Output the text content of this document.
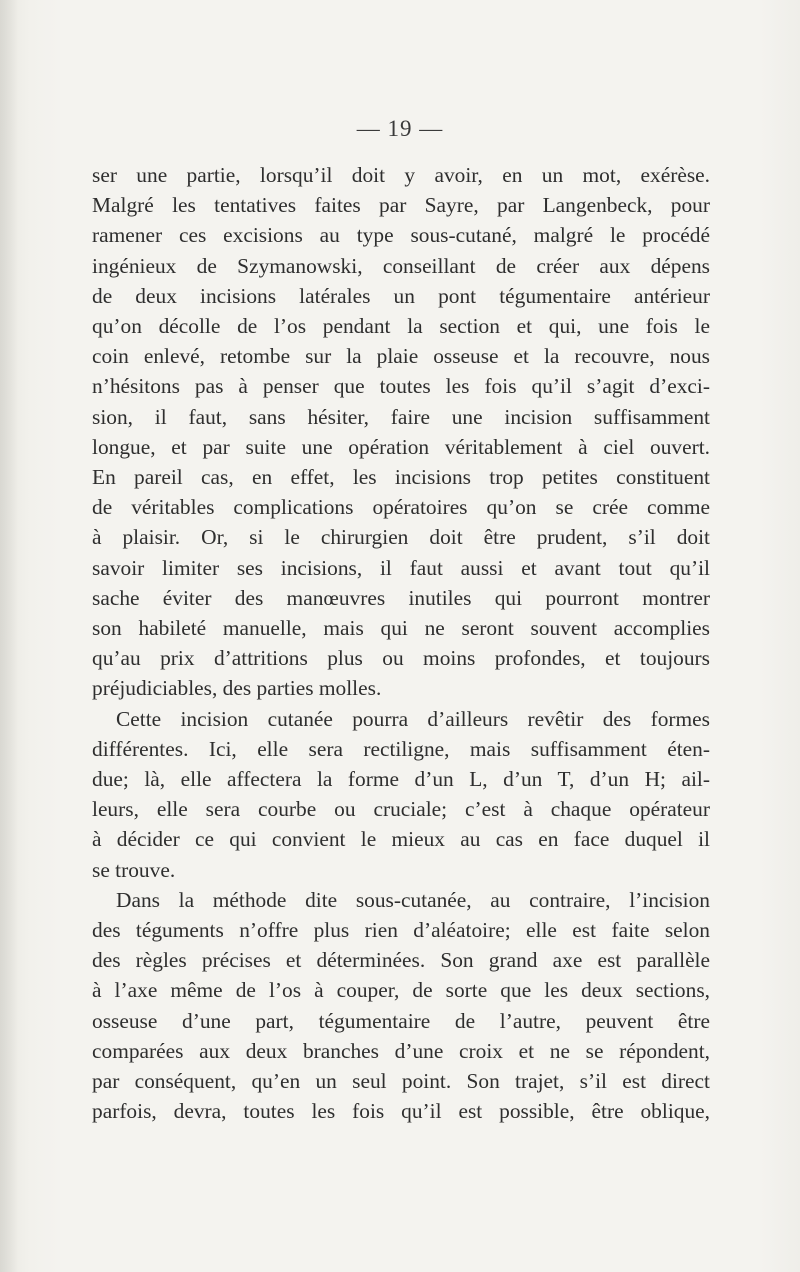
— 19 —

ser une partie, lorsqu’il doit y avoir, en un mot, exérèse.
Malgré les tentatives faites par Sayre, par Langenbeck, pour
ramener ces excisions au type sous-cutané, malgré le procédé
ingénieux de Szymanowski, conseillant de créer aux dépens
de deux incisions latérales un pont tégumentaire antérieur
qu’on décolle de l’os pendant la section et qui, une fois le
coin enlevé, retombe sur la plaie osseuse et la recouvre, nous
n’hésitons pas à penser que toutes les fois qu’il s’agit d’exci-
sion, il faut, sans hésiter, faire une incision suffisamment
longue, et par suite une opération véritablement à ciel ouvert.
En pareil cas, en effet, les incisions trop petites constituent
de véritables complications opératoires qu’on se crée comme
à plaisir. Or, si le chirurgien doit être prudent, s’il doit
savoir limiter ses incisions, il faut aussi et avant tout qu’il
sache éviter des manœuvres inutiles qui pourront montrer
son habileté manuelle, mais qui ne seront souvent accomplies
qu’au prix d’attritions plus ou moins profondes, et toujours
préjudiciables, des parties molles.

Cette incision cutanée pourra d’ailleurs revêtir des formes
différentes. Ici, elle sera rectiligne, mais suffisamment éten-
due; là, elle affectera la forme d’un L, d’un T, d’un H; ail-
leurs, elle sera courbe ou cruciale; c’est à chaque opérateur
à décider ce qui convient le mieux au cas en face duquel il
se trouve.

Dans la méthode dite sous-cutanée, au contraire, l’incision
des téguments n’offre plus rien d’aléatoire; elle est faite selon
des règles précises et déterminées. Son grand axe est parallèle
à l’axe même de l’os à couper, de sorte que les deux sections,
osseuse d’une part, tégumentaire de l’autre, peuvent être
comparées aux deux branches d’une croix et ne se répondent,
par conséquent, qu’en un seul point. Son trajet, s’il est direct
parfois, devra, toutes les fois qu’il est possible, être oblique,
